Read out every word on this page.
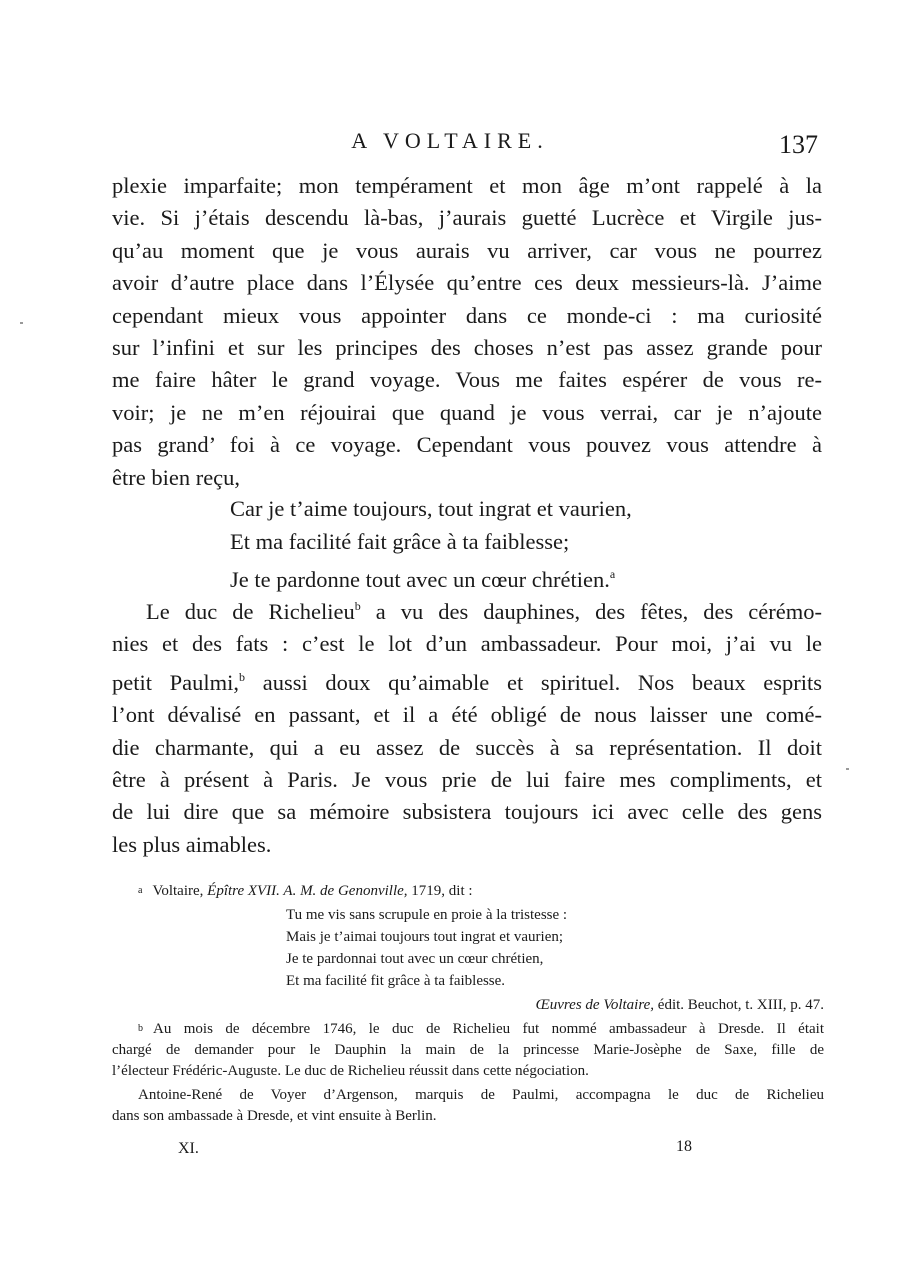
A VOLTAIRE.	137
plexie imparfaite; mon tempérament et mon âge m’ont rappelé à la
vie. Si j’étais descendu là-bas, j’aurais guetté Lucrèce et Virgile jus-
qu’au moment que je vous aurais vu arriver, car vous ne pourrez
avoir d’autre place dans l’Élysée qu’entre ces deux messieurs-là. J’aime
cependant mieux vous appointer dans ce monde-ci : ma curiosité
sur l’infini et sur les principes des choses n’est pas assez grande pour
me faire hâter le grand voyage. Vous me faites espérer de vous re-
voir; je ne m’en réjouirai que quand je vous verrai, car je n’ajoute
pas grand’ foi à ce voyage. Cependant vous pouvez vous attendre à
être bien reçu,
Car je t’aime toujours, tout ingrat et vaurien,
Et ma facilité fait grâce à ta faiblesse;
Je te pardonne tout avec un cœur chrétien.$^a$
Le duc de Richelieu$^b$ a vu des dauphines, des fêtes, des cérémo-
nies et des fats : c’est le lot d’un ambassadeur. Pour moi, j’ai vu le
petit Paulmi,$^b$ aussi doux qu’aimable et spirituel. Nos beaux esprits
l’ont dévalisé en passant, et il a été obligé de nous laisser une comé-
die charmante, qui a eu assez de succès à sa représentation. Il doit
être à présent à Paris. Je vous prie de lui faire mes compliments, et
de lui dire que sa mémoire subsistera toujours ici avec celle des gens
les plus aimables.
a Voltaire, Épître XVII. A. M. de Genonville, 1719, dit :
Tu me vis sans scrupule en proie à la tristesse :
Mais je t’aimai toujours tout ingrat et vaurien;
Je te pardonnai tout avec un cœur chrétien,
Et ma facilité fit grâce à ta faiblesse.
Œuvres de Voltaire, édit. Beuchot, t. XIII, p. 47.
b Au mois de décembre 1746, le duc de Richelieu fut nommé ambassadeur à Dresde. Il était
chargé de demander pour le Dauphin la main de la princesse Marie-Josèphe de Saxe, fille de
l’électeur Frédéric-Auguste. Le duc de Richelieu réussit dans cette négociation.
Antoine-René de Voyer d’Argenson, marquis de Paulmi, accompagna le duc de Richelieu
dans son ambassade à Dresde, et vint ensuite à Berlin.
XI.	18
